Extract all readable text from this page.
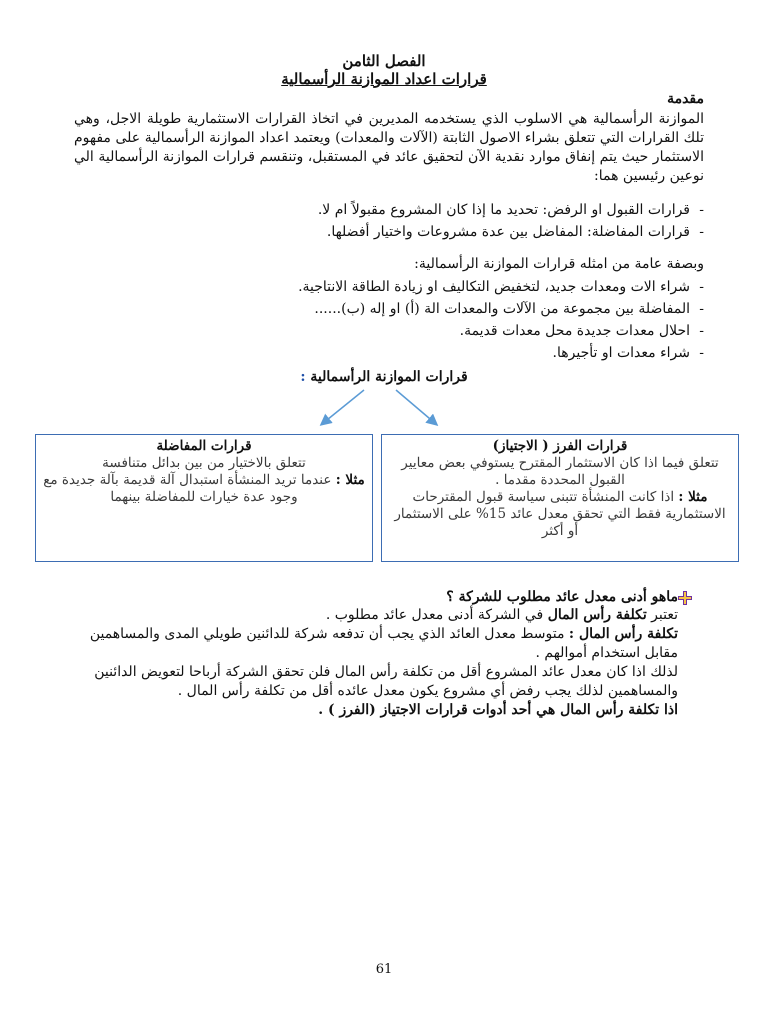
الفصل الثامن
قرارات اعداد الموازنة الرأسمالية
مقدمة
الموازنة الرأسمالية هي الاسلوب الذي يستخدمه المديرين في اتخاذ القرارات الاستثمارية طويلة الاجل، وهي تلك القرارات التي تتعلق بشراء الاصول الثابتة (الآلات والمعدات) ويعتمد اعداد الموازنة الرأسمالية على مفهوم الاستثمار حيث يتم إنفاق موارد نقدية الآن لتحقيق عائد في المستقبل، وتنقسم قرارات الموازنة الرأسمالية الي نوعين رئيسين هما:
- قرارات القبول او الرفض: تحديد ما إذا كان المشروع مقبولاً ام لا.
- قرارات المفاضلة: المفاضل بين عدة مشروعات واختيار أفضلها.
وبصفة عامة من امثله قرارات الموازنة الرأسمالية:
- شراء الات ومعدات جديد، لتخفيض التكاليف او زيادة الطاقة الانتاجية.
- المفاضلة بين مجموعة من الآلات والمعدات الة (أ) او إله (ب)......
- احلال معدات جديدة محل معدات قديمة.
- شراء معدات او تأجيرها.
قرارات الموازنة الرأسمالية :

قرارات المفاضلة

تتعلق بالاختيار من بين بدائل متنافسة

مثلا : عندما تريد المنشأة استبدال آلة قديمة بآلة جديدة مع وجود عدة خيارات للمفاضلة بينهما

قرارات الفرز ( الاجتياز)

تتعلق فيما اذا كان الاستثمار المقترح يستوفي بعض معايير القبول المحددة مقدما .

مثلا : اذا كانت المنشأة تتبنى سياسة قبول المقترحات الاستثمارية فقط التي تحقق معدل عائد 15% على الاستثمار أو أكثر

ماهو أدنى معدل عائد مطلوب للشركة ؟
تعتبر تكلفة رأس المال في الشركة أدنى معدل عائد مطلوب .
تكلفة رأس المال : متوسط معدل العائد الذي يجب أن تدفعه شركة للدائنين طويلي المدى والمساهمين مقابل استخدام أموالهم .
لذلك اذا كان معدل عائد المشروع أقل من تكلفة رأس المال فلن تحقق الشركة أرباحا لتعويض الدائنين والمساهمين لذلك يجب رفض أي مشروع يكون معدل عائده أقل من تكلفة رأس المال .
اذا تكلفة رأس المال هي أحد أدوات قرارات الاجتياز (الفرز ) .
61
